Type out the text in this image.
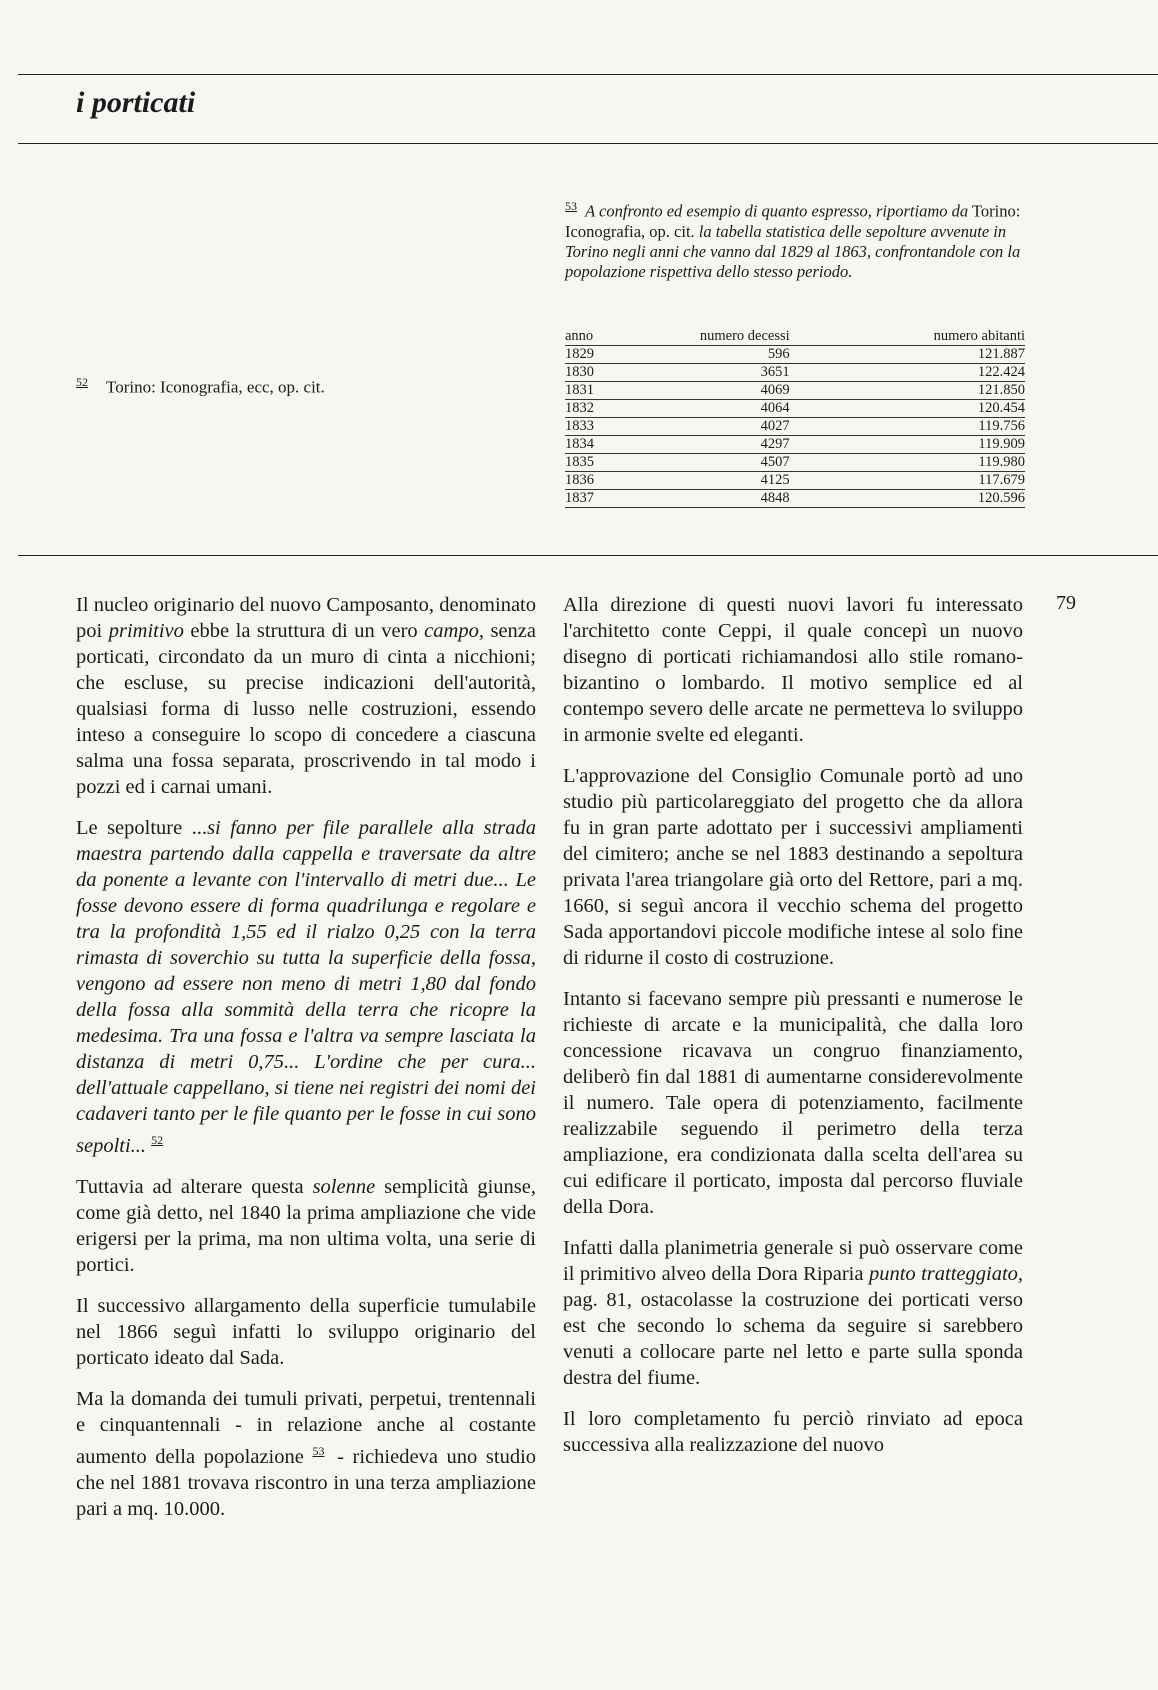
i porticati
$^{52}$ Torino: Iconografia, ecc, op. cit.
$^{53}$ A confronto ed esempio di quanto espresso, riportiamo da Torino: Iconografia, op. cit. la tabella statistica delle sepolture avvenute in Torino negli anni che vanno dal 1829 al 1863, confrontandole con la popolazione rispettiva dello stesso periodo.
anno	numero decessi	numero abitanti
1829	596	121.887
1830	3651	122.424
1831	4069	121.850
1832	4064	120.454
1833	4027	119.756
1834	4297	119.909
1835	4507	119.980
1836	4125	117.679
1837	4848	120.596

Il nucleo originario del nuovo Camposanto, denominato poi primitivo ebbe la struttura di un vero campo, senza porticati, circondato da un muro di cinta a nicchioni; che escluse, su precise indicazioni dell'autorità, qualsiasi forma di lusso nelle costruzioni, essendo inteso a conseguire lo scopo di concedere a ciascuna salma una fossa separata, proscrivendo in tal modo i pozzi ed i carnai umani.

Le sepolture ...si fanno per file parallele alla strada maestra partendo dalla cappella e traversate da altre da ponente a levante con l'intervallo di metri due... Le fosse devono essere di forma quadrilunga e regolare e tra la profondità 1,55 ed il rialzo 0,25 con la terra rimasta di soverchio su tutta la superficie della fossa, vengono ad essere non meno di metri 1,80 dal fondo della fossa alla sommità della terra che ricopre la medesima. Tra una fossa e l'altra va sempre lasciata la distanza di metri 0,75... L'ordine che per cura... dell'attuale cappellano, si tiene nei registri dei nomi dei cadaveri tanto per le file quanto per le fosse in cui sono sepolti... $^{52}$

Tuttavia ad alterare questa solenne semplicità giunse, come già detto, nel 1840 la prima ampliazione che vide erigersi per la prima, ma non ultima volta, una serie di portici.

Il successivo allargamento della superficie tumulabile nel 1866 seguì infatti lo sviluppo originario del porticato ideato dal Sada.

Ma la domanda dei tumuli privati, perpetui, trentennali e cinquantennali - in relazione anche al costante aumento della popolazione $^{53}$ - richiedeva uno studio che nel 1881 trovava riscontro in una terza ampliazione pari a mq. 10.000.

Alla direzione di questi nuovi lavori fu interessato l'architetto conte Ceppi, il quale concepì un nuovo disegno di porticati richiamandosi allo stile romano-bizantino o lombardo. Il motivo semplice ed al contempo severo delle arcate ne permetteva lo sviluppo in armonie svelte ed eleganti.

L'approvazione del Consiglio Comunale portò ad uno studio più particolareggiato del progetto che da allora fu in gran parte adottato per i successivi ampliamenti del cimitero; anche se nel 1883 destinando a sepoltura privata l'area triangolare già orto del Rettore, pari a mq. 1660, si seguì ancora il vecchio schema del progetto Sada apportandovi piccole modifiche intese al solo fine di ridurne il costo di costruzione.

Intanto si facevano sempre più pressanti e numerose le richieste di arcate e la municipalità, che dalla loro concessione ricavava un congruo finanziamento, deliberò fin dal 1881 di aumentarne considerevolmente il numero. Tale opera di potenziamento, facilmente realizzabile seguendo il perimetro della terza ampliazione, era condizionata dalla scelta dell'area su cui edificare il porticato, imposta dal percorso fluviale della Dora.

Infatti dalla planimetria generale si può osservare come il primitivo alveo della Dora Riparia punto tratteggiato, pag. 81, ostacolasse la costruzione dei porticati verso est che secondo lo schema da seguire si sarebbero venuti a collocare parte nel letto e parte sulla sponda destra del fiume.

Il loro completamento fu perciò rinviato ad epoca successiva alla realizzazione del nuovo

79
